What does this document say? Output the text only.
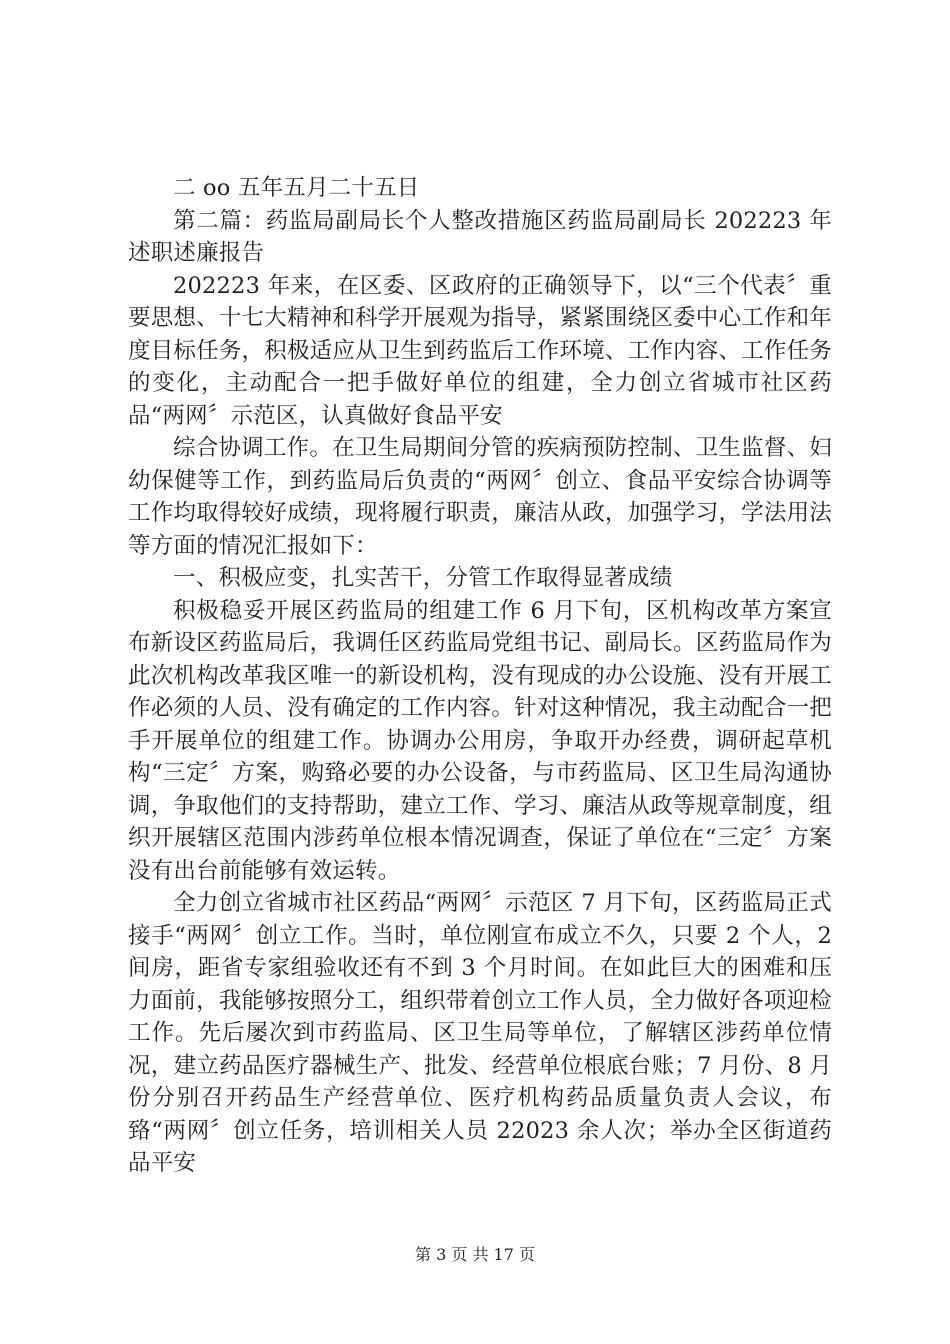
二 oo 五年五月二十五日

第二篇：药监局副局长个人整改措施区药监局副局长 202223 年述职述廉报告

202223 年来，在区委、区政府的正确领导下，以“三个代表〞重要思想、十七大精神和科学开展观为指导，紧紧围绕区委中心工作和年度目标任务，积极适应从卫生到药监后工作环境、工作内容、工作任务的变化，主动配合一把手做好单位的组建，全力创立省城市社区药品“两网〞示范区，认真做好食品平安

综合协调工作。在卫生局期间分管的疾病预防控制、卫生监督、妇幼保健等工作，到药监局后负责的“两网〞创立、食品平安综合协调等工作均取得较好成绩，现将履行职责，廉洁从政，加强学习，学法用法等方面的情况汇报如下：

一、积极应变，扎实苦干，分管工作取得显著成绩

积极稳妥开展区药监局的组建工作 6 月下旬，区机构改革方案宣布新设区药监局后，我调任区药监局党组书记、副局长。区药监局作为此次机构改革我区唯一的新设机构，没有现成的办公设施、没有开展工作必须的人员、没有确定的工作内容。针对这种情况，我主动配合一把手开展单位的组建工作。协调办公用房，争取开办经费，调研起草机构“三定〞方案，购臵必要的办公设备，与市药监局、区卫生局沟通协调，争取他们的支持帮助，建立工作、学习、廉洁从政等规章制度，组织开展辖区范围内涉药单位根本情况调查，保证了单位在“三定〞方案没有出台前能够有效运转。

全力创立省城市社区药品“两网〞示范区 7 月下旬，区药监局正式接手“两网〞创立工作。当时，单位刚宣布成立不久，只要 2 个人，2 间房，距省专家组验收还有不到 3 个月时间。在如此巨大的困难和压力面前，我能够按照分工，组织带着创立工作人员，全力做好各项迎检工作。先后屡次到市药监局、区卫生局等单位，了解辖区涉药单位情况，建立药品医疗器械生产、批发、经营单位根底台账；7 月份、8 月份分别召开药品生产经营单位、医疗机构药品质量负责人会议，布臵“两网〞创立任务，培训相关人员 22023 余人次；举办全区街道药品平安

第 3 页 共 17 页
